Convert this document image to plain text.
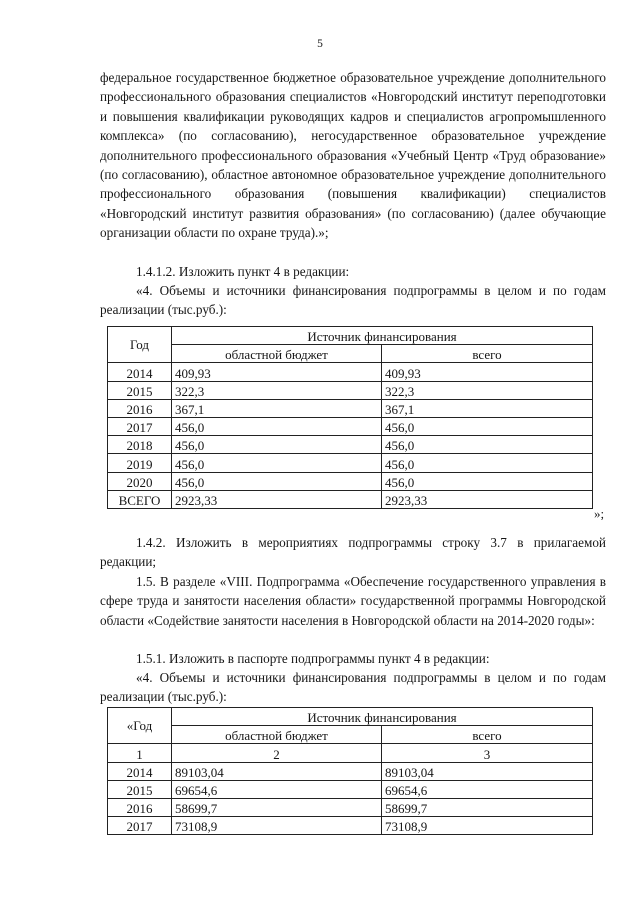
5

федеральное государственное бюджетное образовательное учреждение дополнительного профессионального образования специалистов «Новгородский институт переподготовки и повышения квалификации руководящих кадров и специалистов агропромышленного комплекса» (по согласованию), негосударственное образовательное учреждение дополнительного профессионального образования «Учебный Центр «Труд образование» (по согласованию), областное автономное образовательное учреждение дополнительного профессионального образования (повышения квалификации) специалистов «Новгородский институт развития образования» (по согласованию) (далее обучающие организации области по охране труда).»;

1.4.1.2. Изложить пункт 4 в редакции:

«4. Объемы и источники финансирования подпрограммы в целом и по годам реализации (тыс.руб.):

Год	Источник финансирования	
	областной бюджет	всего
2014	409,93	409,93
2015	322,3	322,3
2016	367,1	367,1
2017	456,0	456,0
2018	456,0	456,0
2019	456,0	456,0
2020	456,0	456,0
ВСЕГО	2923,33	2923,33
»;

1.4.2. Изложить в мероприятиях подпрограммы строку 3.7 в прилагаемой редакции;

1.5. В разделе «VIII. Подпрограмма «Обеспечение государственного управления в сфере труда и занятости населения области» государственной программы Новгородской области «Содействие занятости населения в Новгородской области на 2014-2020 годы»:

1.5.1. Изложить в паспорте подпрограммы пункт 4 в редакции:

«4. Объемы и источники финансирования подпрограммы в целом и по годам реализации (тыс.руб.):

«Год	Источник финансирования	
	областной бюджет	всего
1	2	3
2014	89103,04	89103,04
2015	69654,6	69654,6
2016	58699,7	58699,7
2017	73108,9	73108,9
